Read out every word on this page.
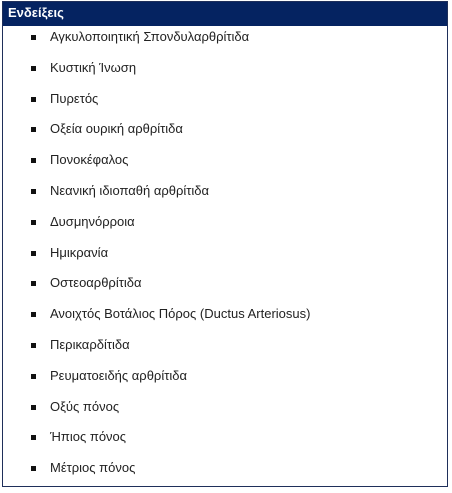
Ενδείξεις
Αγκυλοποιητική Σπονδυλαρθρίτιδα
Κυστική Ίνωση
Πυρετός
Οξεία ουρική αρθρίτιδα
Πονοκέφαλος
Νεανική ιδιοπαθή αρθρίτιδα
Δυσμηνόρροια
Ημικρανία
Οστεοαρθρίτιδα
Ανοιχτός Βοτάλιος Πόρος (Ductus Arteriosus)
Περικαρδίτιδα
Ρευματοειδής αρθρίτιδα
Οξύς πόνος
Ήπιος πόνος
Μέτριος πόνος
